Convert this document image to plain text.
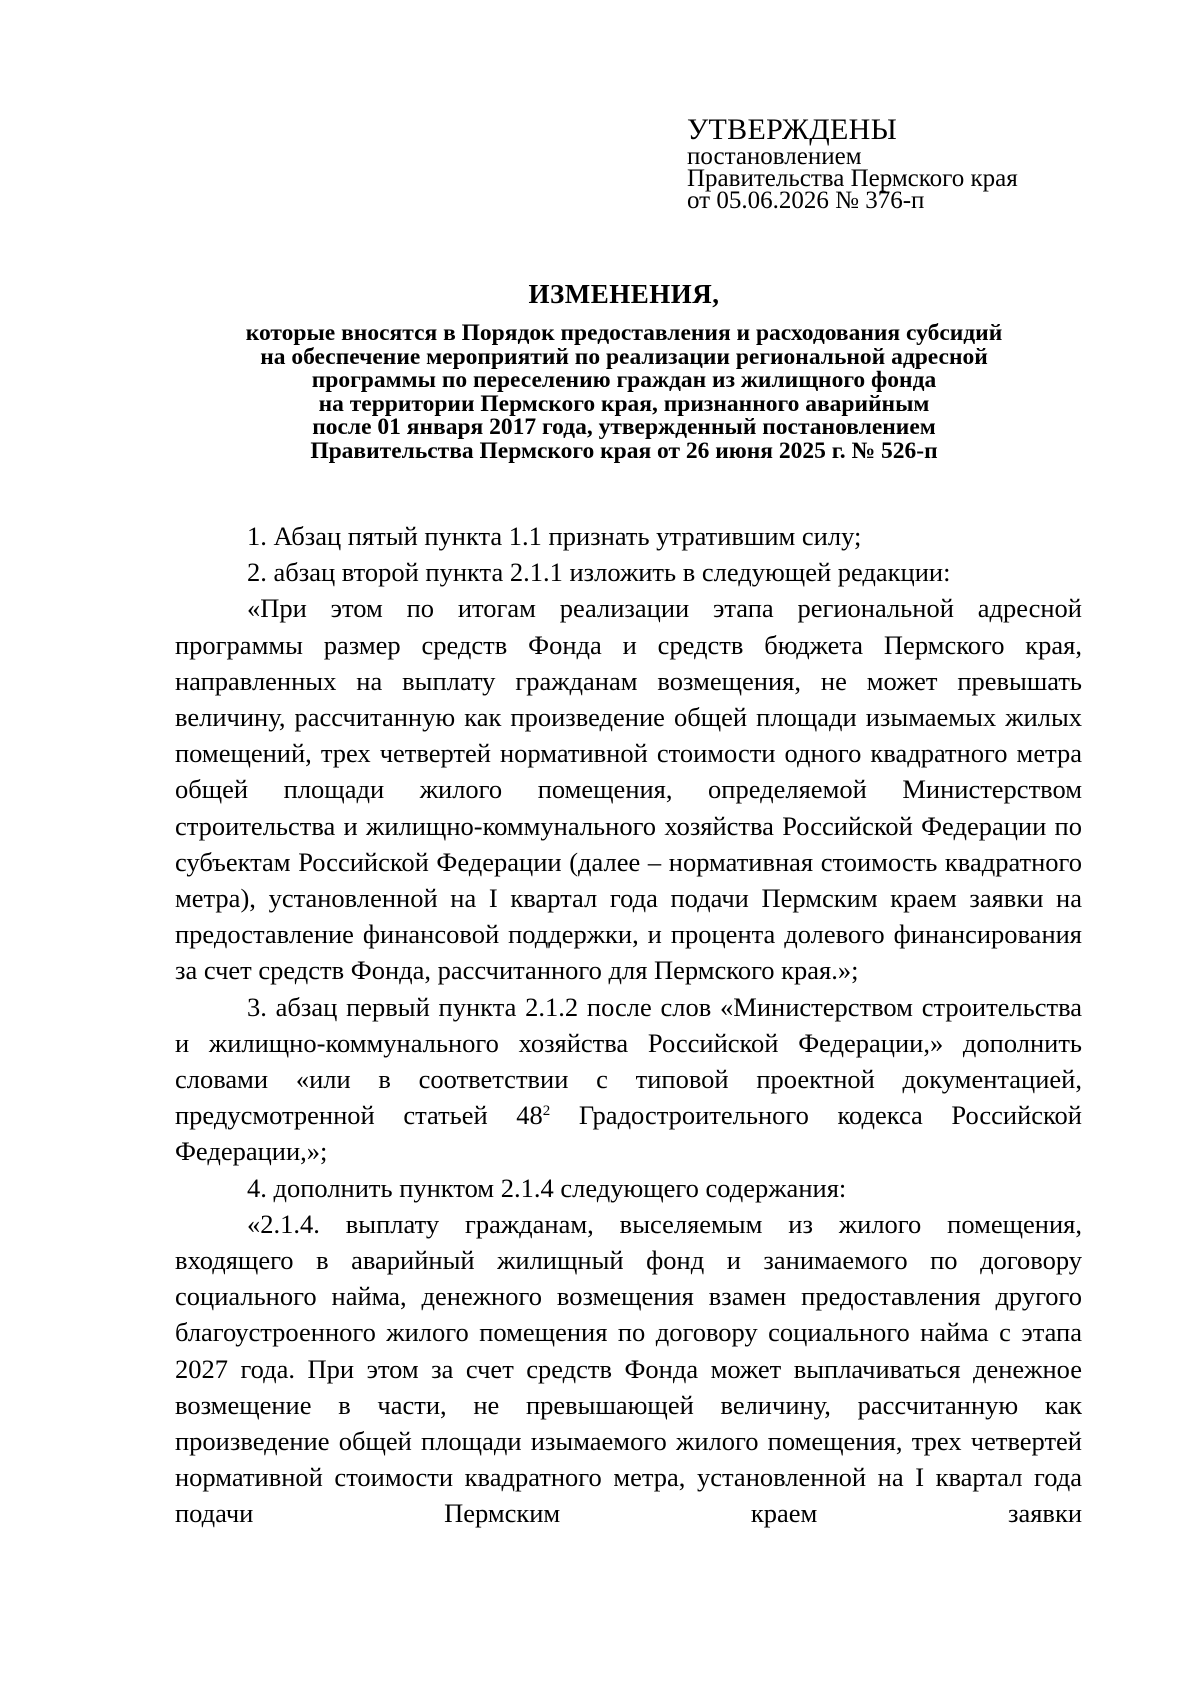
УТВЕРЖДЕНЫ
постановлением
Правительства Пермского края
от 05.06.2026 № 376-п
ИЗМЕНЕНИЯ,
которые вносятся в Порядок предоставления и расходования субсидий
на обеспечение мероприятий по реализации региональной адресной
программы по переселению граждан из жилищного фонда
на территории Пермского края, признанного аварийным
после 01 января 2017 года, утвержденный постановлением
Правительства Пермского края от 26 июня 2025 г. № 526-п

1. Абзац пятый пункта 1.1 признать утратившим силу;

2. абзац второй пункта 2.1.1 изложить в следующей редакции:

«При этом по итогам реализации этапа региональной адресной программы размер средств Фонда и средств бюджета Пермского края, направленных на выплату гражданам возмещения, не может превышать величину, рассчитанную как произведение общей площади изымаемых жилых помещений, трех четвертей нормативной стоимости одного квадратного метра общей площади жилого помещения, определяемой Министерством строительства и жилищно-коммунального хозяйства Российской Федерации по субъектам Российской Федерации (далее – нормативная стоимость квадратного метра), установленной на I квартал года подачи Пермским краем заявки на предоставление финансовой поддержки, и процента долевого финансирования за счет средств Фонда, рассчитанного для Пермского края.»;

3. абзац первый пункта 2.1.2 после слов «Министерством строительства и жилищно-коммунального хозяйства Российской Федерации,» дополнить словами «или в соответствии с типовой проектной документацией, предусмотренной статьей $48^2$ Градостроительного кодекса Российской Федерации,»;

4. дополнить пунктом 2.1.4 следующего содержания:

«2.1.4. выплату гражданам, выселяемым из жилого помещения, входящего в аварийный жилищный фонд и занимаемого по договору социального найма, денежного возмещения взамен предоставления другого благоустроенного жилого помещения по договору социального найма с этапа 2027 года. При этом за счет средств Фонда может выплачиваться денежное возмещение в части, не превышающей величину, рассчитанную как произведение общей площади изымаемого жилого помещения, трех четвертей нормативной стоимости квадратного метра, установленной на I квартал года подачи Пермским краем заявки
